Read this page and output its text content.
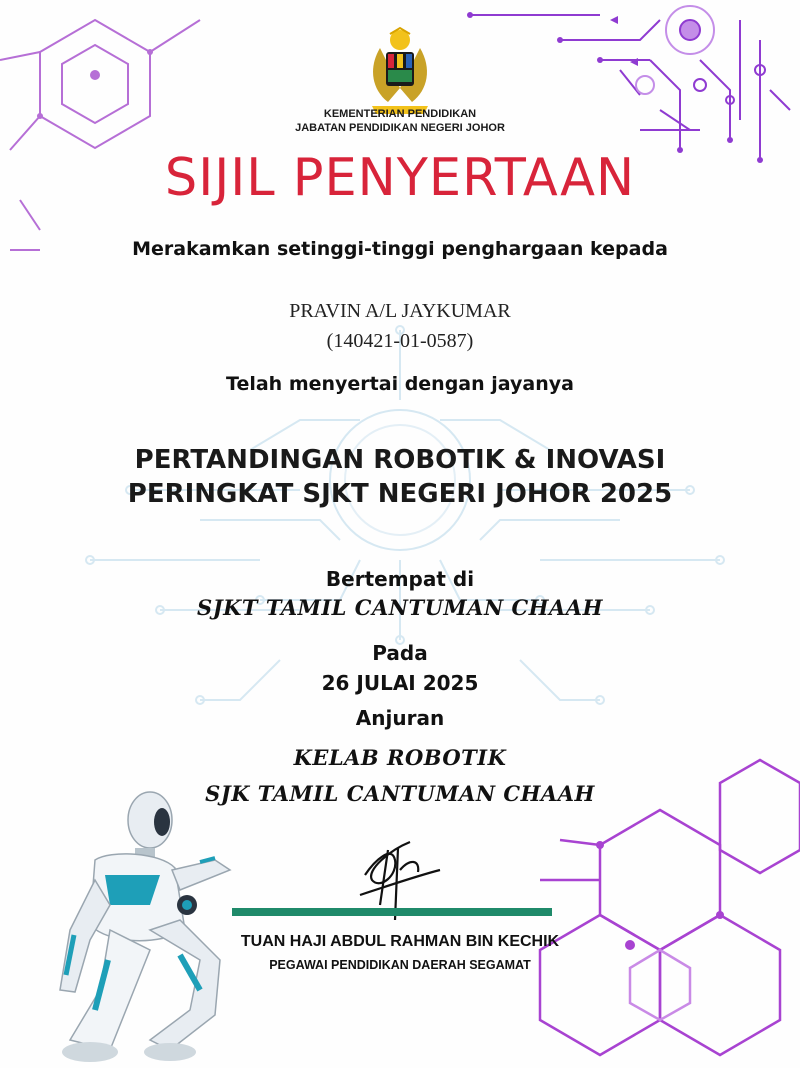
KEMENTERIAN PENDIDIKAN
JABATAN PENDIDIKAN NEGERI JOHOR
SIJIL PENYERTAAN
Merakamkan setinggi-tinggi penghargaan kepada
PRAVIN A/L JAYKUMAR
(140421-01-0587)
Telah menyertai dengan jayanya
PERTANDINGAN ROBOTIK & INOVASI
PERINGKAT SJKT NEGERI JOHOR 2025
Bertempat di
SJKT TAMIL CANTUMAN CHAAH
Pada
26 JULAI 2025
Anjuran
KELAB ROBOTIK
SJK TAMIL CANTUMAN CHAAH
TUAN HAJI ABDUL RAHMAN BIN KECHIK
PEGAWAI PENDIDIKAN DAERAH SEGAMAT
